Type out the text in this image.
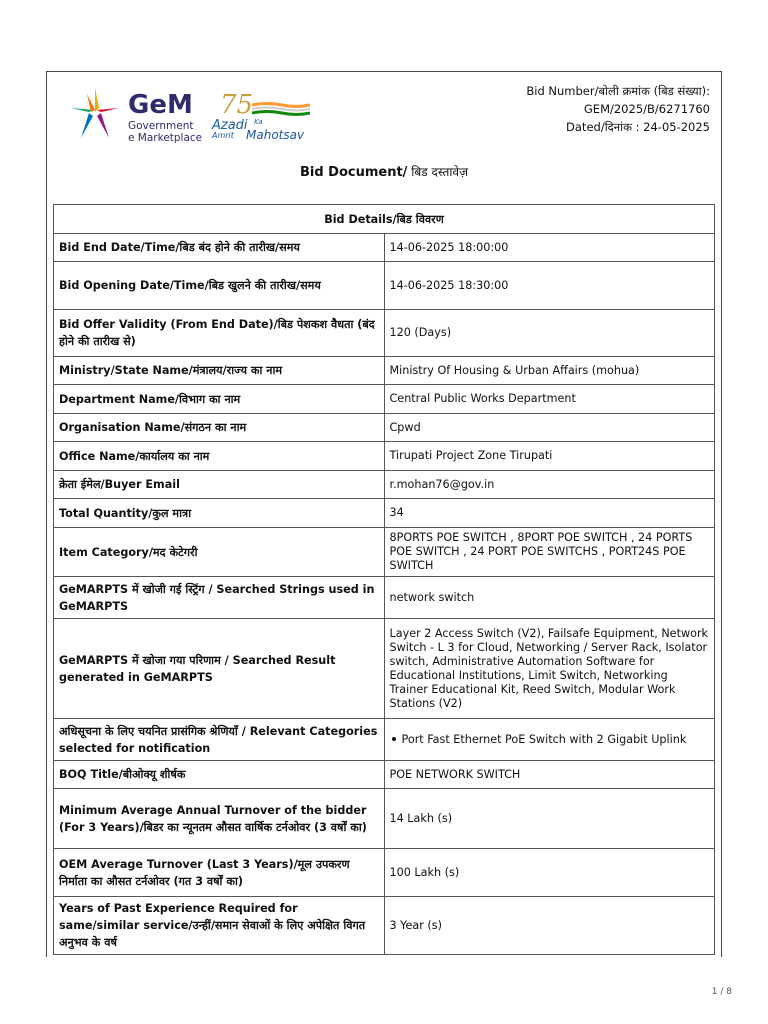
GeM
Government
e Marketplace
75
Azadi Ka
Amrit Mahotsav
Bid Number/बोली क्रमांक (बिड संख्या):
GEM/2025/B/6271760
Dated/दिनांक : 24-05-2025
Bid Document/ बिड दस्तावेज़
Bid Details/बिड विवरण	
Bid End Date/Time/बिड बंद होने की तारीख/समय	14-06-2025 18:00:00
Bid Opening Date/Time/बिड खुलने की तारीख/समय	14-06-2025 18:30:00
Bid Offer Validity (From End Date)/बिड पेशकश वैधता (बंद होने की तारीख से)	120 (Days)
Ministry/State Name/मंत्रालय/राज्य का नाम	Ministry Of Housing & Urban Affairs (mohua)
Department Name/विभाग का नाम	Central Public Works Department
Organisation Name/संगठन का नाम	Cpwd
Office Name/कार्यालय का नाम	Tirupati Project Zone Tirupati
क्रेता ईमेल/Buyer Email	r.mohan76@gov.in
Total Quantity/कुल मात्रा	34
Item Category/मद केटेगरी	8PORTS POE SWITCH , 8PORT POE SWITCH , 24 PORTS POE SWITCH , 24 PORT POE SWITCHS , PORT24S POE SWITCH
GeMARPTS में खोजी गई स्ट्रिंग / Searched Strings used in GeMARPTS	network switch
GeMARPTS में खोजा गया परिणाम / Searched Result generated in GeMARPTS	Layer 2 Access Switch (V2), Failsafe Equipment, Network Switch - L 3 for Cloud, Networking / Server Rack, Isolator switch, Administrative Automation Software for Educational Institutions, Limit Switch, Networking Trainer Educational Kit, Reed Switch, Modular Work Stations (V2)
अधिसूचना के लिए चयनित प्रासंगिक श्रेणियाँ / Relevant Categories selected for notification	Port Fast Ethernet PoE Switch with 2 Gigabit Uplink
BOQ Title/बीओक्यू शीर्षक	POE NETWORK SWITCH
Minimum Average Annual Turnover of the bidder (For 3 Years)/बिडर का न्यूनतम औसत वार्षिक टर्नओवर (3 वर्षों का)	14 Lakh (s)
OEM Average Turnover (Last 3 Years)/मूल उपकरण निर्माता का औसत टर्नओवर (गत 3 वर्षों का)	100 Lakh (s)
Years of Past Experience Required for same/similar service/उन्हीं/समान सेवाओं के लिए अपेक्षित विगत अनुभव के वर्ष	3 Year (s)
1 / 8
